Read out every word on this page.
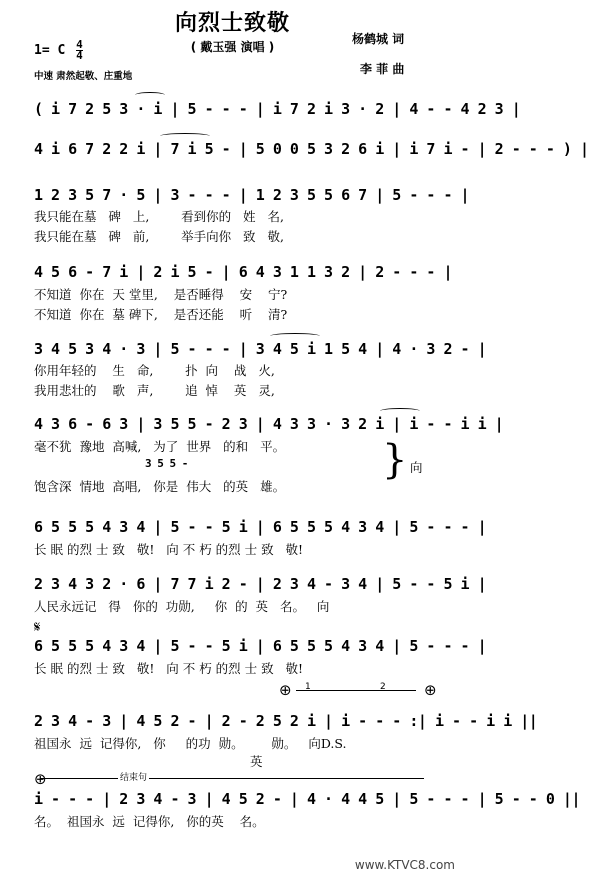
向烈士致敬
( 戴玉强 演唱 )
1= C $\frac{4}{4}$
中速 肃然起敬、庄重地
杨鹤城 词
李 菲 曲
( i 7 2 5 3 · i | 5 - - - | i 7 2 i 3 · 2 | 4 - - 4 2 3 |
4 i 6 7 2 2 i | 7 i 5 - | 5 0 0 5 3 2 6 i | i 7 i - | 2 - - - ) |
1 2 3 5 7 · 5 | 3 - - - | 1 2 3 5 5 6 7 | 5 - - - |
我只能在墓   碑   上,        看到你的   姓   名,
我只能在墓   碑   前,        举手向你   致   敬,
4 5 6 - 7 i | 2 i 5 - | 6 4 3 1 1 3 2 | 2 - - - |
不知道  你在  天 堂里,    是否睡得    安    宁?
不知道  你在  墓 碑下,    是否还能    听    清?
3 4 5 3 4 · 3 | 5 - - - | 3 4 5 i 1 5 4 | 4 · 3 2 - |
你用年轻的    生   命,        扑  向    战   火,
我用悲壮的    歌   声,        追  悼    英   灵,
4 3 6 - 6 3 | 3 5 5 - 2 3 | 4 3 3 · 3 2 i | i - - i i |
毫不犹  豫地  高喊,   为了  世界   的和   平。
3 5 5 -
饱含深  情地  高唱,   你是  伟大   的英   雄。
} 向
6 5 5 5 4 3 4 | 5 - - 5 i | 6 5 5 5 4 3 4 | 5 - - - |
长 眠 的烈 士 致   敬!   向 不 朽 的烈 士 致   敬!
2 3 4 3 2 · 6 | 7 7 i 2 - | 2 3 4 - 3 4 | 5 - - 5 i |
人民永远记   得   你的  功勋,     你  的  英   名。   向
𝄋
6 5 5 5 4 3 4 | 5 - - 5 i | 6 5 5 5 4 3 4 | 5 - - - |
长 眠 的烈 士 致   敬!   向 不 朽 的烈 士 致   敬!
⊕ 1	2	⊕
2 3 4 - 3 | 4 5 2 - | 2 - 2 5 2 i | i - - - :| i - - i i ||
祖国永  远  记得你,   你     的功  勋。       勋。   向D.S.
英
结束句
⊕
i - - - | 2 3 4 - 3 | 4 5 2 - | 4 · 4 4 5 | 5 - - - | 5 - - 0 ||
名。  祖国永  远  记得你,   你的英    名。
www.KTVC8.com
